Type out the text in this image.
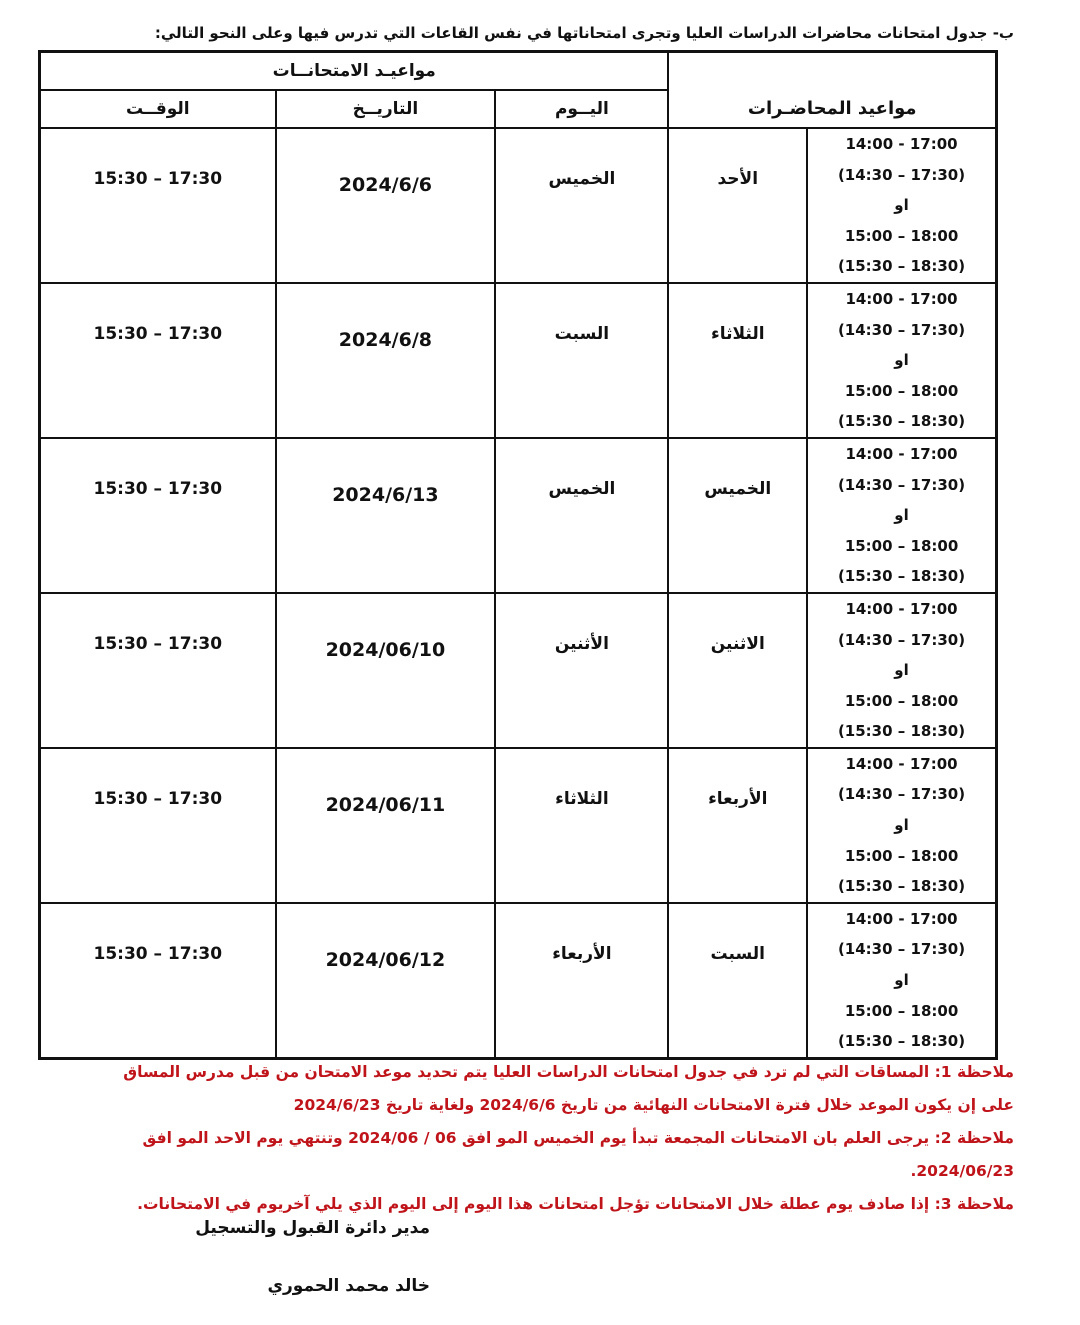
ب- جدول امتحانات محاضرات الدراسات العليا وتجرى امتحاناتها في نفس القاعات التي تدرس فيها وعلى النحو التالي:
مواعيد المحاضـرات		مواعيـد الامتحانــات		
		اليــوم	التاريــخ	الوقــت

14:00 - 17:00
(14:30 – 17:30)
او
15:00 – 18:00
(15:30 – 18:30)	الأحد	الخميس	2024/6/6	15:30 – 17:30

14:00 - 17:00
(14:30 – 17:30)
او
15:00 – 18:00
(15:30 – 18:30)	الثلاثاء	السبت	2024/6/8	15:30 – 17:30

14:00 - 17:00
(14:30 – 17:30)
او
15:00 – 18:00
(15:30 – 18:30)	الخميس	الخميس	2024/6/13	15:30 – 17:30

14:00 - 17:00
(14:30 – 17:30)
او
15:00 – 18:00
(15:30 – 18:30)	الاثنين	الأثنين	2024/06/10	15:30 – 17:30

14:00 - 17:00
(14:30 – 17:30)
او
15:00 – 18:00
(15:30 – 18:30)	الأربعاء	الثلاثاء	2024/06/11	15:30 – 17:30

14:00 - 17:00
(14:30 – 17:30)
او
15:00 – 18:00
(15:30 – 18:30)	السبت	الأربعاء	2024/06/12	15:30 – 17:30
ملاحظة 1: المساقات التي لم ترد في جدول امتحانات الدراسات العليا يتم تحديد موعد الامتحان من قبل مدرس المساق
على إن يكون الموعد خلال فترة الامتحانات النهائية من تاريخ 2024/6/6 ولغاية تاريخ 2024/6/23
ملاحظة 2: يرجى العلم بان الامتحانات المجمعة تبدأ يوم الخميس المو افق 06 / 2024/06 وتنتهي يوم الاحد المو افق 2024/06/23.
ملاحظة 3: إذا صادف يوم عطلة خلال الامتحانات تؤجل امتحانات هذا اليوم إلى اليوم الذي يلي آخريوم في الامتحانات.
مدير دائرة القبول والتسجيل
خالد محمد الحموري
